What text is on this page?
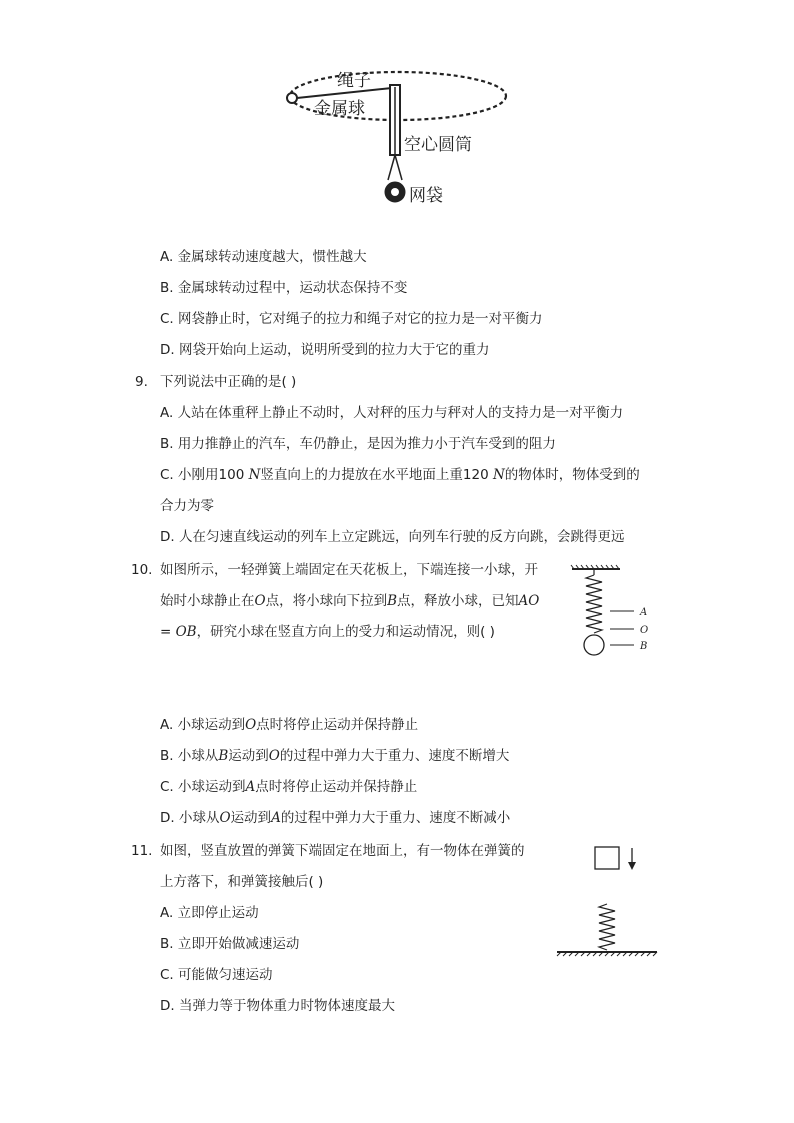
绳子
金属球
空心圆筒
网袋
A. 金属球转动速度越大，惯性越大
B. 金属球转动过程中，运动状态保持不变
C. 网袋静止时，它对绳子的拉力和绳子对它的拉力是一对平衡力
D. 网袋开始向上运动，说明所受到的拉力大于它的重力
9. 下列说法中正确的是( )
A. 人站在体重秤上静止不动时，人对秤的压力与秤对人的支持力是一对平衡力
B. 用力推静止的汽车，车仍静止，是因为推力小于汽车受到的阻力
C. 小刚用100 N竖直向上的力提放在水平地面上重120 N的物体时，物体受到的
合力为零
D. 人在匀速直线运动的列车上立定跳远，向列车行驶的反方向跳，会跳得更远
10. 如图所示，一轻弹簧上端固定在天花板上，下端连接一小球，开
始时小球静止在O点，将小球向下拉到B点，释放小球，已知AO
= OB，研究小球在竖直方向上的受力和运动情况，则( )
A
O
B
A. 小球运动到O点时将停止运动并保持静止
B. 小球从B运动到O的过程中弹力大于重力、速度不断增大
C. 小球运动到A点时将停止运动并保持静止
D. 小球从O运动到A的过程中弹力大于重力、速度不断减小
11. 如图，竖直放置的弹簧下端固定在地面上，有一物体在弹簧的
上方落下，和弹簧接触后( )
A. 立即停止运动
B. 立即开始做减速运动
C. 可能做匀速运动
D. 当弹力等于物体重力时物体速度最大
